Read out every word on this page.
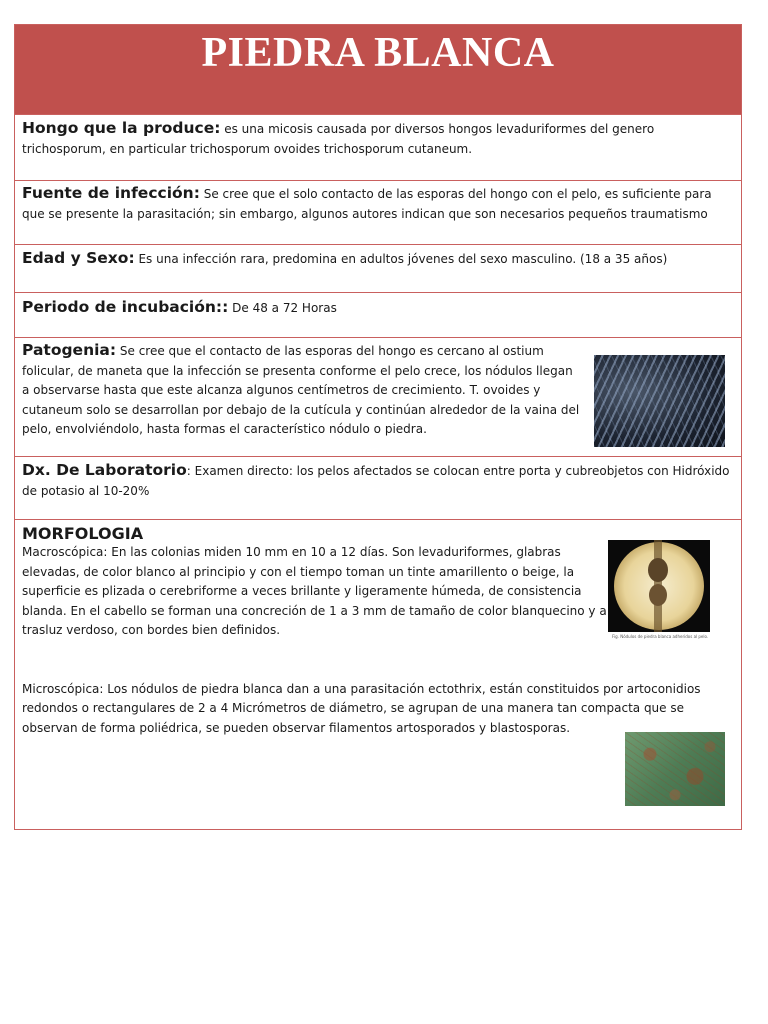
PIEDRA BLANCA

Hongo que la produce: es una micosis causada por diversos hongos levaduriformes del genero trichosporum, en particular trichosporum ovoides trichosporum cutaneum.

Fuente de infección: Se cree que el solo contacto de las esporas del hongo con el pelo, es suficiente para que se presente la parasitación; sin embargo, algunos autores indican que son necesarios pequeños traumatismo

Edad y Sexo: Es una infección rara, predomina en adultos jóvenes del sexo masculino. (18 a 35 años)

Periodo de incubación:: De 48 a 72 Horas

Patogenia: Se cree que el contacto de las esporas del hongo es cercano al ostium folicular, de maneta que la infección se presenta conforme el pelo crece, los nódulos llegan a observarse hasta que este alcanza algunos centímetros de crecimiento. T. ovoides y cutaneum solo se desarrollan por debajo de la cutícula y continúan alrededor de la vaina del pelo, envolviéndolo, hasta formas el característico nódulo o piedra.

Dx. De Laboratorio: Examen directo: los pelos afectados se colocan entre porta y cubreobjetos con Hidróxido de potasio al 10-20%

MORFOLOGIA

Macroscópica: En las colonias miden 10 mm en 10 a 12 días. Son levaduriformes, glabras elevadas, de color blanco al principio y con el tiempo toman un tinte amarillento o beige, la superficie es plizada o cerebriforme a veces brillante y ligeramente húmeda, de consistencia blanda. En el cabello se forman una concreción de 1 a 3 mm de tamaño de color blanquecino y a trasluz verdoso, con bordes bien definidos.

Microscópica: Los nódulos de piedra blanca dan a una parasitación ectothrix, están constituidos por artoconidios redondos o rectangulares de 2 a 4 Micrómetros de diámetro, se agrupan de una manera tan compacta que se observan de forma poliédrica, se pueden observar filamentos artosporados y blastosporas.

Fig. Nódulos de piedra blanca adheridos al pelo.
